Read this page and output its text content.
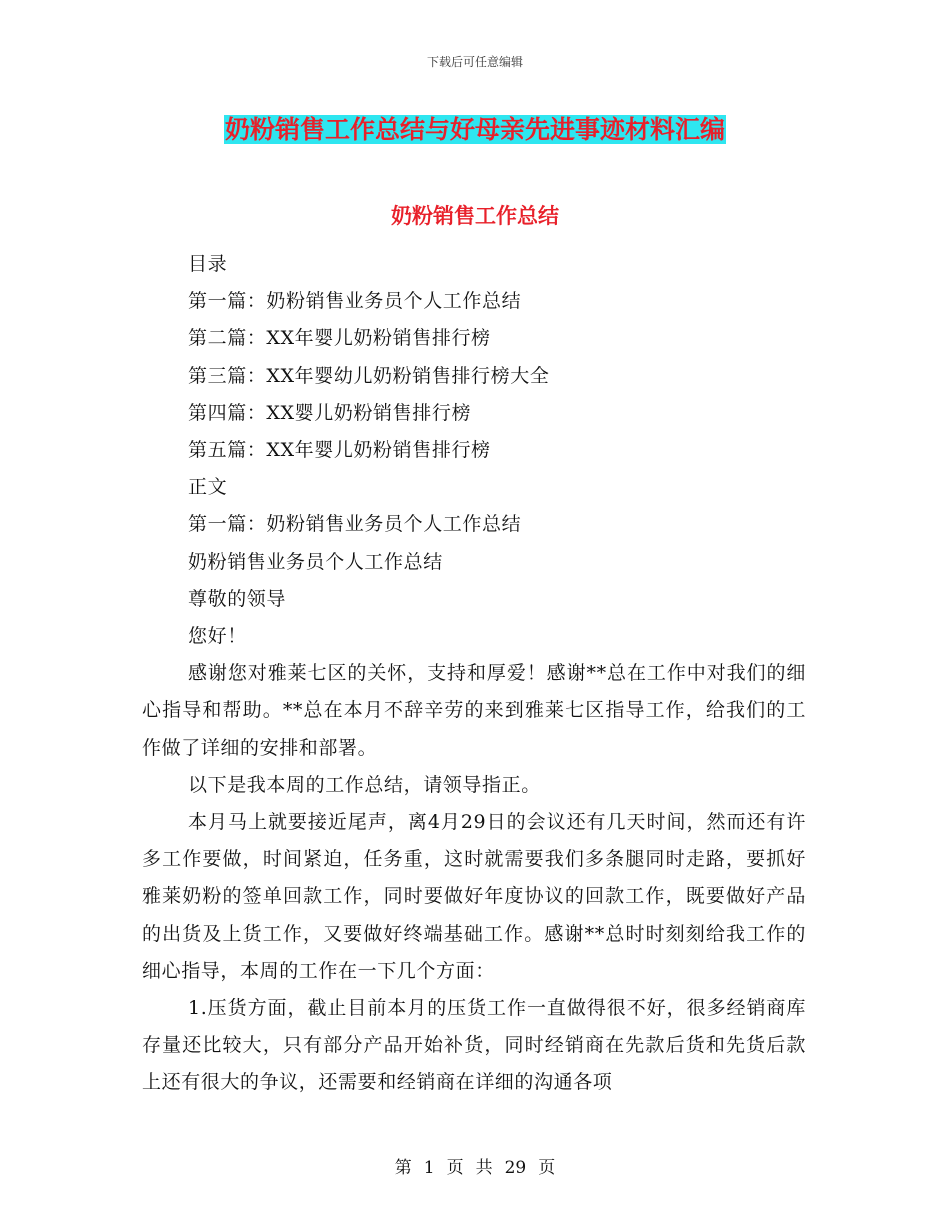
下载后可任意编辑
奶粉销售工作总结与好母亲先进事迹材料汇编
奶粉销售工作总结

目录

第一篇：奶粉销售业务员个人工作总结

第二篇：XX年婴儿奶粉销售排行榜

第三篇：XX年婴幼儿奶粉销售排行榜大全

第四篇：XX婴儿奶粉销售排行榜

第五篇：XX年婴儿奶粉销售排行榜

正文

第一篇：奶粉销售业务员个人工作总结

奶粉销售业务员个人工作总结

尊敬的领导

您好！

感谢您对雅莱七区的关怀，支持和厚爱！感谢**总在工作中对我们的细心指导和帮助。**总在本月不辞辛劳的来到雅莱七区指导工作，给我们的工作做了详细的安排和部署。

以下是我本周的工作总结，请领导指正。

本月马上就要接近尾声，离4月29日的会议还有几天时间，然而还有许多工作要做，时间紧迫，任务重，这时就需要我们多条腿同时走路，要抓好雅莱奶粉的签单回款工作，同时要做好年度协议的回款工作，既要做好产品的出货及上货工作，又要做好终端基础工作。感谢**总时时刻刻给我工作的细心指导，本周的工作在一下几个方面：

1.压货方面，截止目前本月的压货工作一直做得很不好，很多经销商库存量还比较大，只有部分产品开始补货，同时经销商在先款后货和先货后款上还有很大的争议，还需要和经销商在详细的沟通各项

第 1 页 共 29 页
